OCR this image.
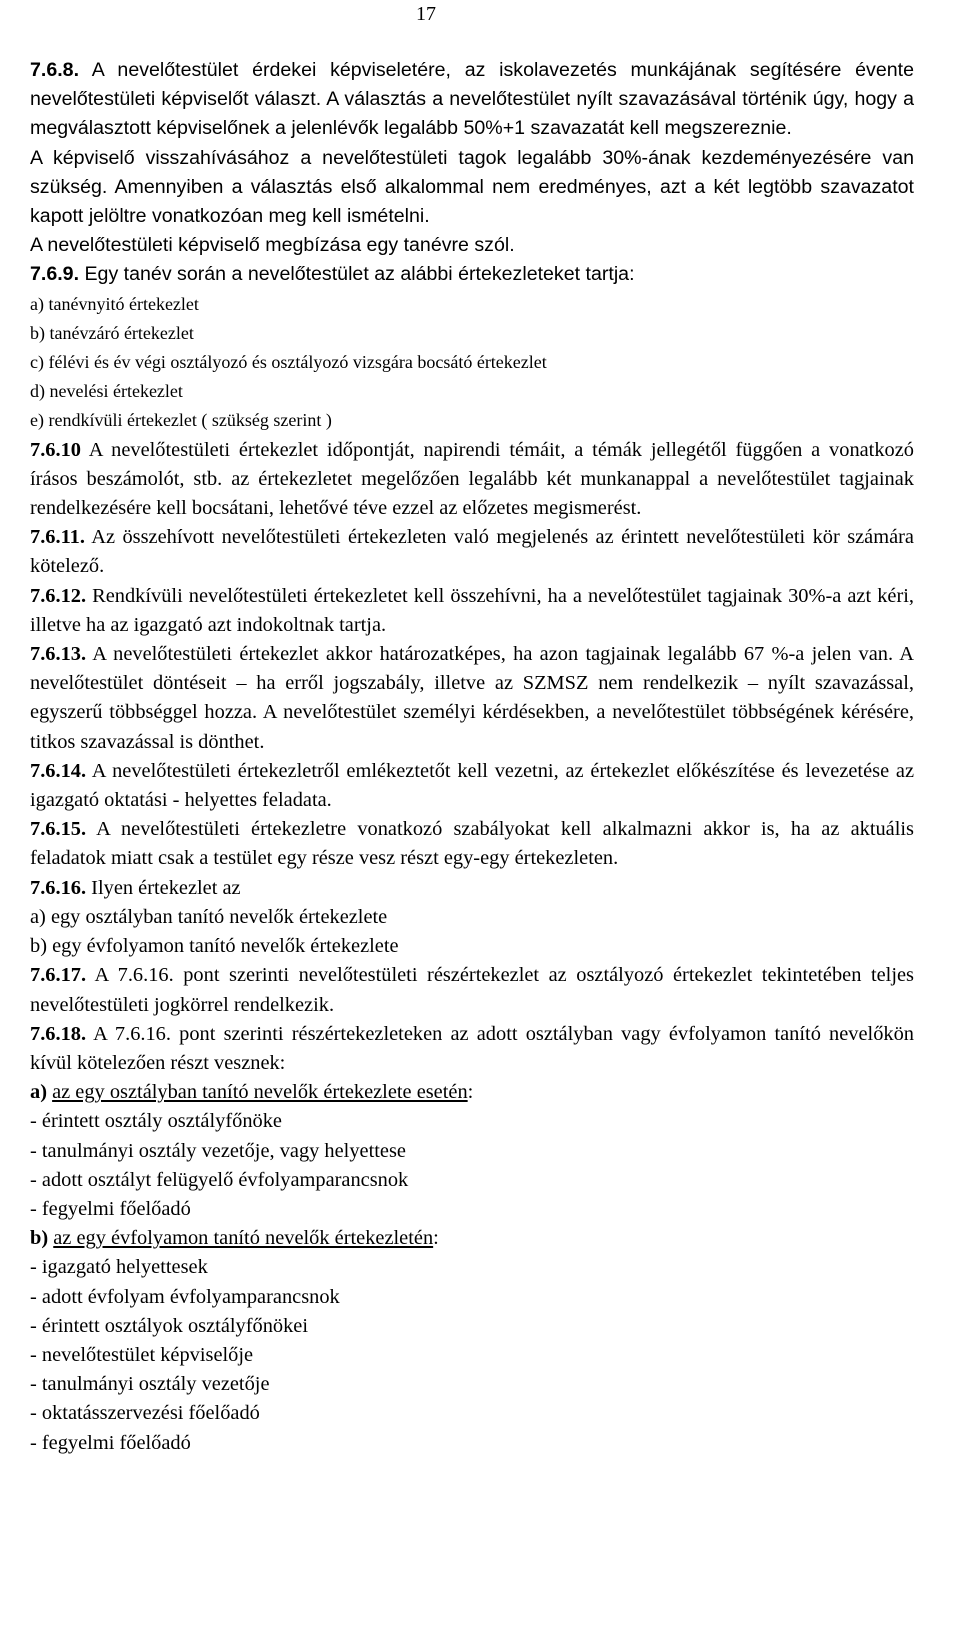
17

7.6.8. A nevelőtestület érdekei képviseletére, az iskolavezetés munkájának segítésére évente nevelőtestületi képviselőt választ. A választás a nevelőtestület nyílt szavazásával történik úgy, hogy a megválasztott képviselőnek a jelenlévők legalább 50%+1 szavazatát kell megszereznie.

A képviselő visszahívásához a nevelőtestületi tagok legalább 30%-ának kezdeményezésére van szükség. Amennyiben a választás első alkalommal nem eredményes, azt a két legtöbb szavazatot kapott jelöltre vonatkozóan meg kell ismételni.

A nevelőtestületi képviselő megbízása egy tanévre szól.

7.6.9. Egy tanév során a nevelőtestület az alábbi értekezleteket tartja:

a) tanévnyitó értekezlet
b) tanévzáró értekezlet
c) félévi és év végi osztályozó és osztályozó vizsgára bocsátó értekezlet
d) nevelési értekezlet
e) rendkívüli értekezlet ( szükség szerint )

7.6.10 A nevelőtestületi értekezlet időpontját, napirendi témáit, a témák jellegétől függően a vonatkozó írásos beszámolót, stb. az értekezletet megelőzően legalább két munkanappal a nevelőtestület tagjainak rendelkezésére kell bocsátani, lehetővé téve ezzel az előzetes megismerést.

7.6.11. Az összehívott nevelőtestületi értekezleten való megjelenés az érintett nevelőtestületi kör számára kötelező.

7.6.12. Rendkívüli nevelőtestületi értekezletet kell összehívni, ha a nevelőtestület tagjainak 30%-a azt kéri, illetve ha az igazgató azt indokoltnak tartja.

7.6.13. A nevelőtestületi értekezlet akkor határozatképes, ha azon tagjainak legalább 67 %-a jelen van. A nevelőtestület döntéseit – ha erről jogszabály, illetve az SZMSZ nem rendelkezik – nyílt szavazással, egyszerű többséggel hozza. A nevelőtestület személyi kérdésekben, a nevelőtestület többségének kérésére, titkos szavazással is dönthet.

7.6.14. A nevelőtestületi értekezletről emlékeztetőt kell vezetni, az értekezlet előkészítése és levezetése az igazgató oktatási - helyettes feladata.

7.6.15. A nevelőtestületi értekezletre vonatkozó szabályokat kell alkalmazni akkor is, ha az aktuális feladatok miatt csak a testület egy része vesz részt egy-egy értekezleten.

7.6.16. Ilyen értekezlet az

a) egy osztályban tanító nevelők értekezlete
b) egy évfolyamon tanító nevelők értekezlete

7.6.17. A 7.6.16. pont szerinti nevelőtestületi részértekezlet az osztályozó értekezlet tekintetében teljes nevelőtestületi jogkörrel rendelkezik.

7.6.18. A 7.6.16. pont szerinti részértekezleteken az adott osztályban vagy évfolyamon tanító nevelőkön kívül kötelezően részt vesznek:

a) az egy osztályban tanító nevelők értekezlete esetén:
- érintett osztály osztályfőnöke
- tanulmányi osztály vezetője, vagy helyettese
- adott osztályt felügyelő évfolyamparancsnok
- fegyelmi főelőadó
b) az egy évfolyamon tanító nevelők értekezletén:
- igazgató helyettesek
- adott évfolyam évfolyamparancsnok
- érintett osztályok osztályfőnökei
- nevelőtestület képviselője
- tanulmányi osztály vezetője
- oktatásszervezési főelőadó
- fegyelmi főelőadó
